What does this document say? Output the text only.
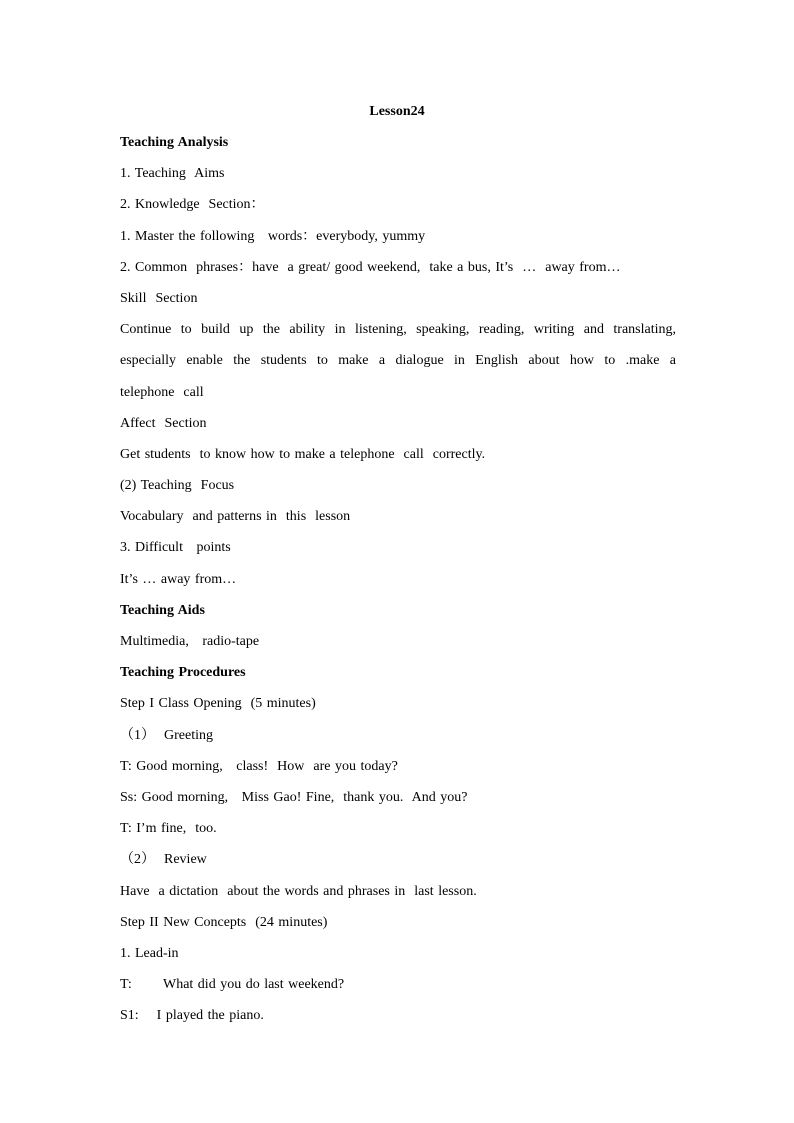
Lesson24
Teaching Analysis
1. Teaching  Aims
2. Knowledge  Section：
1. Master the following   words：everybody, yummy
2. Common  phrases：have  a great/ good weekend,  take a bus, It’s  …  away from…
Skill  Section
Continue to build up the ability in listening, speaking, reading, writing and translating,
especially enable the students to make a dialogue in English about how to .make a
telephone  call
Affect  Section
Get students  to know how to make a telephone  call  correctly.
(2) Teaching  Focus
Vocabulary  and patterns in  this  lesson
3. Difficult   points
It’s … away from…
Teaching Aids
Multimedia,   radio-tape
Teaching Procedures
Step I Class Opening  (5 minutes)
（1）  Greeting
T: Good morning,   class!  How  are you today?
Ss: Good morning,   Miss Gao! Fine,  thank you.  And you?
T: I’m fine,  too.
（2）  Review
Have  a dictation  about the words and phrases in  last lesson.
Step II New Concepts  (24 minutes)
1. Lead-in
T:       What did you do last weekend?
S1:    I played the piano.
